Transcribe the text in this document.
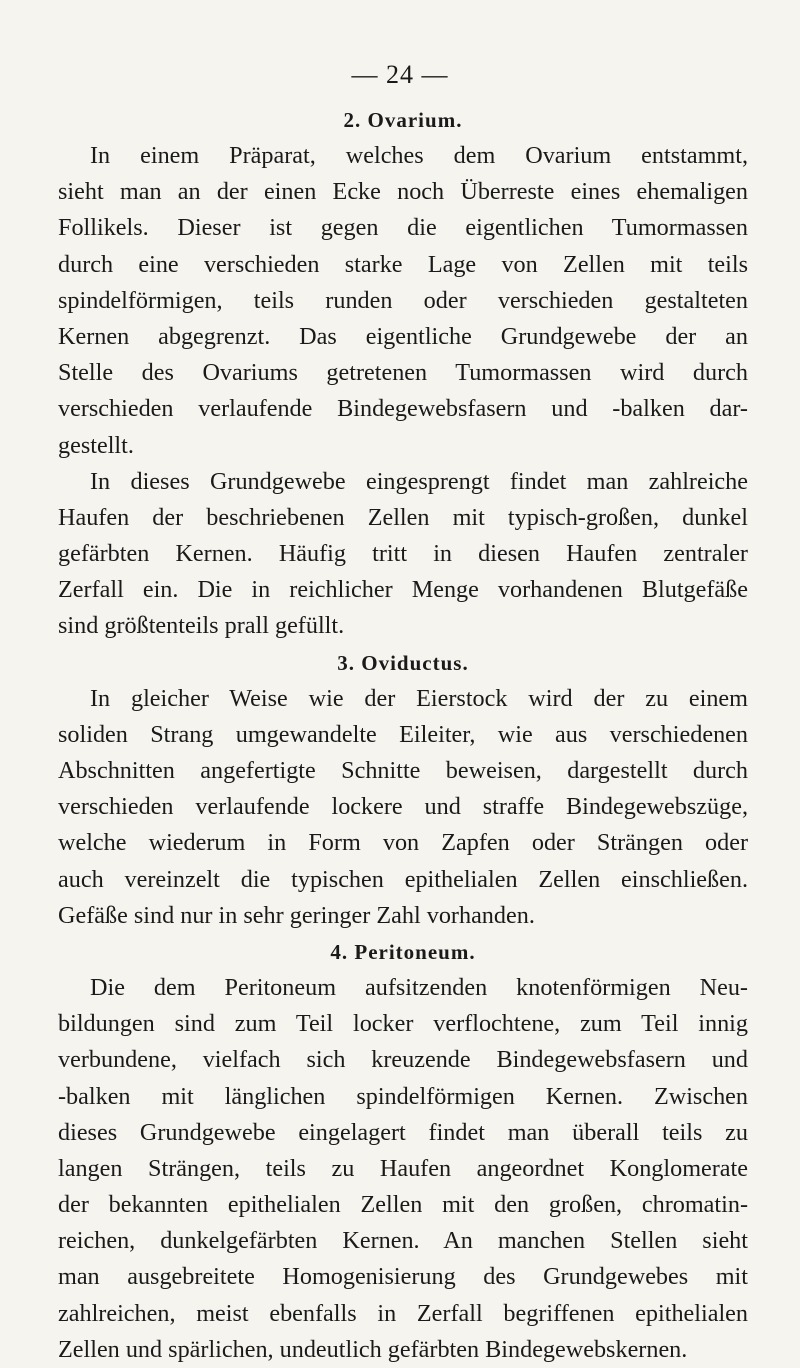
— 24 —
2. Ovarium.
In einem Präparat, welches dem Ovarium entstammt,
sieht man an der einen Ecke noch Überreste eines ehemaligen
Follikels. Dieser ist gegen die eigentlichen Tumormassen
durch eine verschieden starke Lage von Zellen mit teils
spindelförmigen, teils runden oder verschieden gestalteten
Kernen abgegrenzt. Das eigentliche Grundgewebe der an
Stelle des Ovariums getretenen Tumormassen wird durch
verschieden verlaufende Bindegewebsfasern und -balken dar-
gestellt.
In dieses Grundgewebe eingesprengt findet man zahlreiche
Haufen der beschriebenen Zellen mit typisch-großen, dunkel
gefärbten Kernen. Häufig tritt in diesen Haufen zentraler
Zerfall ein. Die in reichlicher Menge vorhandenen Blutgefäße
sind größtenteils prall gefüllt.
3. Oviductus.
In gleicher Weise wie der Eierstock wird der zu einem
soliden Strang umgewandelte Eileiter, wie aus verschiedenen
Abschnitten angefertigte Schnitte beweisen, dargestellt durch
verschieden verlaufende lockere und straffe Bindegewebszüge,
welche wiederum in Form von Zapfen oder Strängen oder
auch vereinzelt die typischen epithelialen Zellen einschließen.
Gefäße sind nur in sehr geringer Zahl vorhanden.
4. Peritoneum.
Die dem Peritoneum aufsitzenden knotenförmigen Neu-
bildungen sind zum Teil locker verflochtene, zum Teil innig
verbundene, vielfach sich kreuzende Bindegewebsfasern und
-balken mit länglichen spindelförmigen Kernen. Zwischen
dieses Grundgewebe eingelagert findet man überall teils zu
langen Strängen, teils zu Haufen angeordnet Konglomerate
der bekannten epithelialen Zellen mit den großen, chromatin-
reichen, dunkelgefärbten Kernen. An manchen Stellen sieht
man ausgebreitete Homogenisierung des Grundgewebes mit
zahlreichen, meist ebenfalls in Zerfall begriffenen epithelialen
Zellen und spärlichen, undeutlich gefärbten Bindegewebskernen.
